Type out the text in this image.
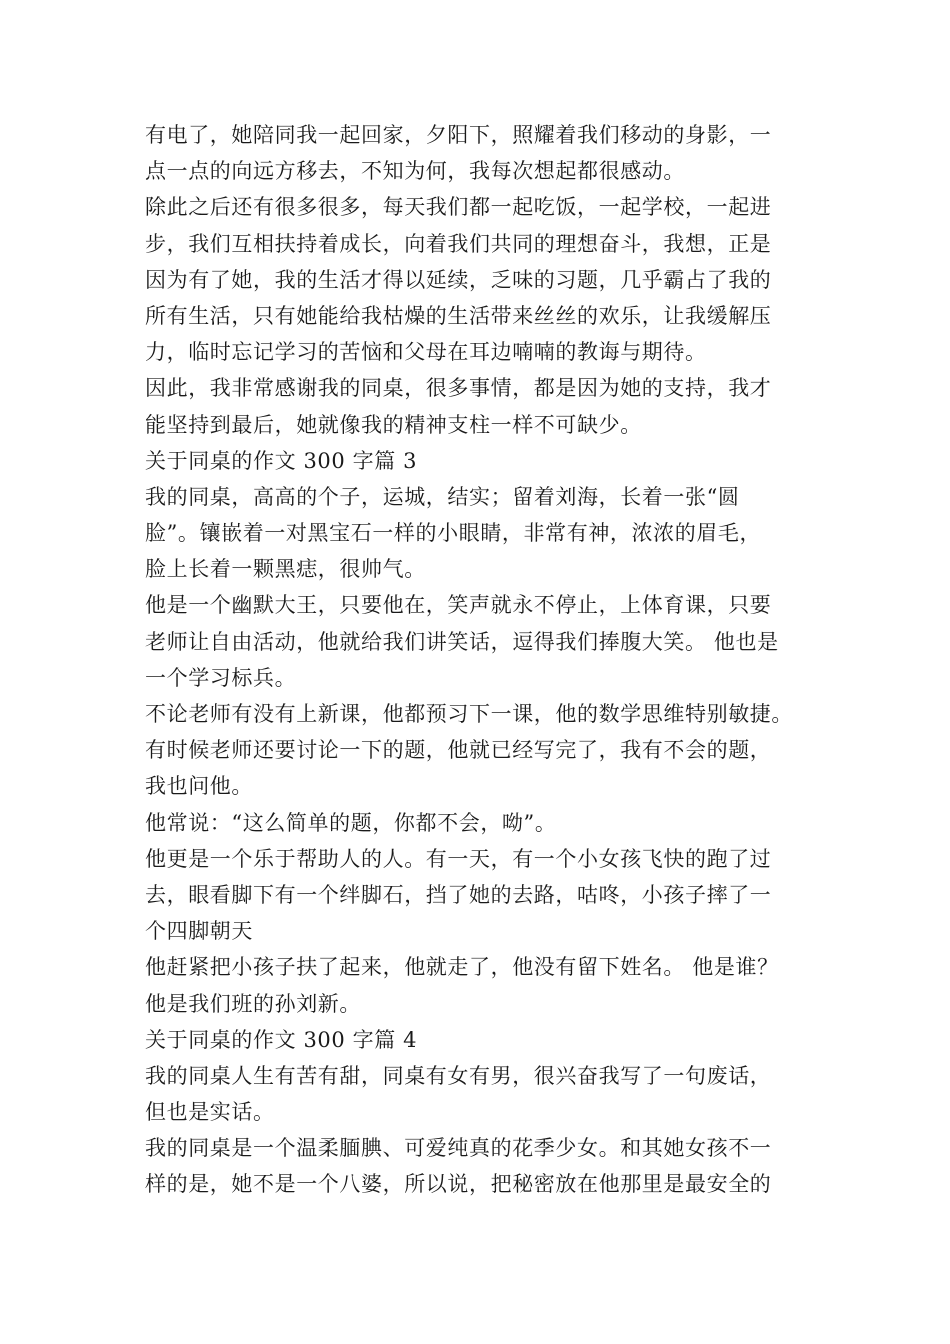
有电了，她陪同我一起回家，夕阳下，照耀着我们移动的身影，一
点一点的向远方移去，不知为何，我每次想起都很感动。
除此之后还有很多很多，每天我们都一起吃饭，一起学校，一起进
步，我们互相扶持着成长，向着我们共同的理想奋斗，我想，正是
因为有了她，我的生活才得以延续，乏味的习题，几乎霸占了我的
所有生活，只有她能给我枯燥的生活带来丝丝的欢乐，让我缓解压
力，临时忘记学习的苦恼和父母在耳边喃喃的教诲与期待。
因此，我非常感谢我的同桌，很多事情，都是因为她的支持，我才
能坚持到最后，她就像我的精神支柱一样不可缺少。
关于同桌的作文 300 字篇 3
我的同桌，高高的个子，运城，结实；留着刘海，长着一张“圆
脸”。镶嵌着一对黑宝石一样的小眼睛，非常有神，浓浓的眉毛，
脸上长着一颗黑痣，很帅气。
他是一个幽默大王，只要他在，笑声就永不停止，上体育课，只要
老师让自由活动，他就给我们讲笑话，逗得我们捧腹大笑。 他也是
一个学习标兵。
不论老师有没有上新课，他都预习下一课，他的数学思维特别敏捷。
有时候老师还要讨论一下的题，他就已经写完了，我有不会的题，
我也问他。
他常说：“这么简单的题，你都不会，呦”。
他更是一个乐于帮助人的人。有一天，有一个小女孩飞快的跑了过
去，眼看脚下有一个绊脚石，挡了她的去路，咕咚，小孩子摔了一
个四脚朝天
他赶紧把小孩子扶了起来，他就走了，他没有留下姓名。 他是谁？
他是我们班的孙刘新。
关于同桌的作文 300 字篇 4
我的同桌人生有苦有甜，同桌有女有男，很兴奋我写了一句废话，
但也是实话。
我的同桌是一个温柔腼腆、可爱纯真的花季少女。和其她女孩不一
样的是，她不是一个八婆，所以说，把秘密放在他那里是最安全的
